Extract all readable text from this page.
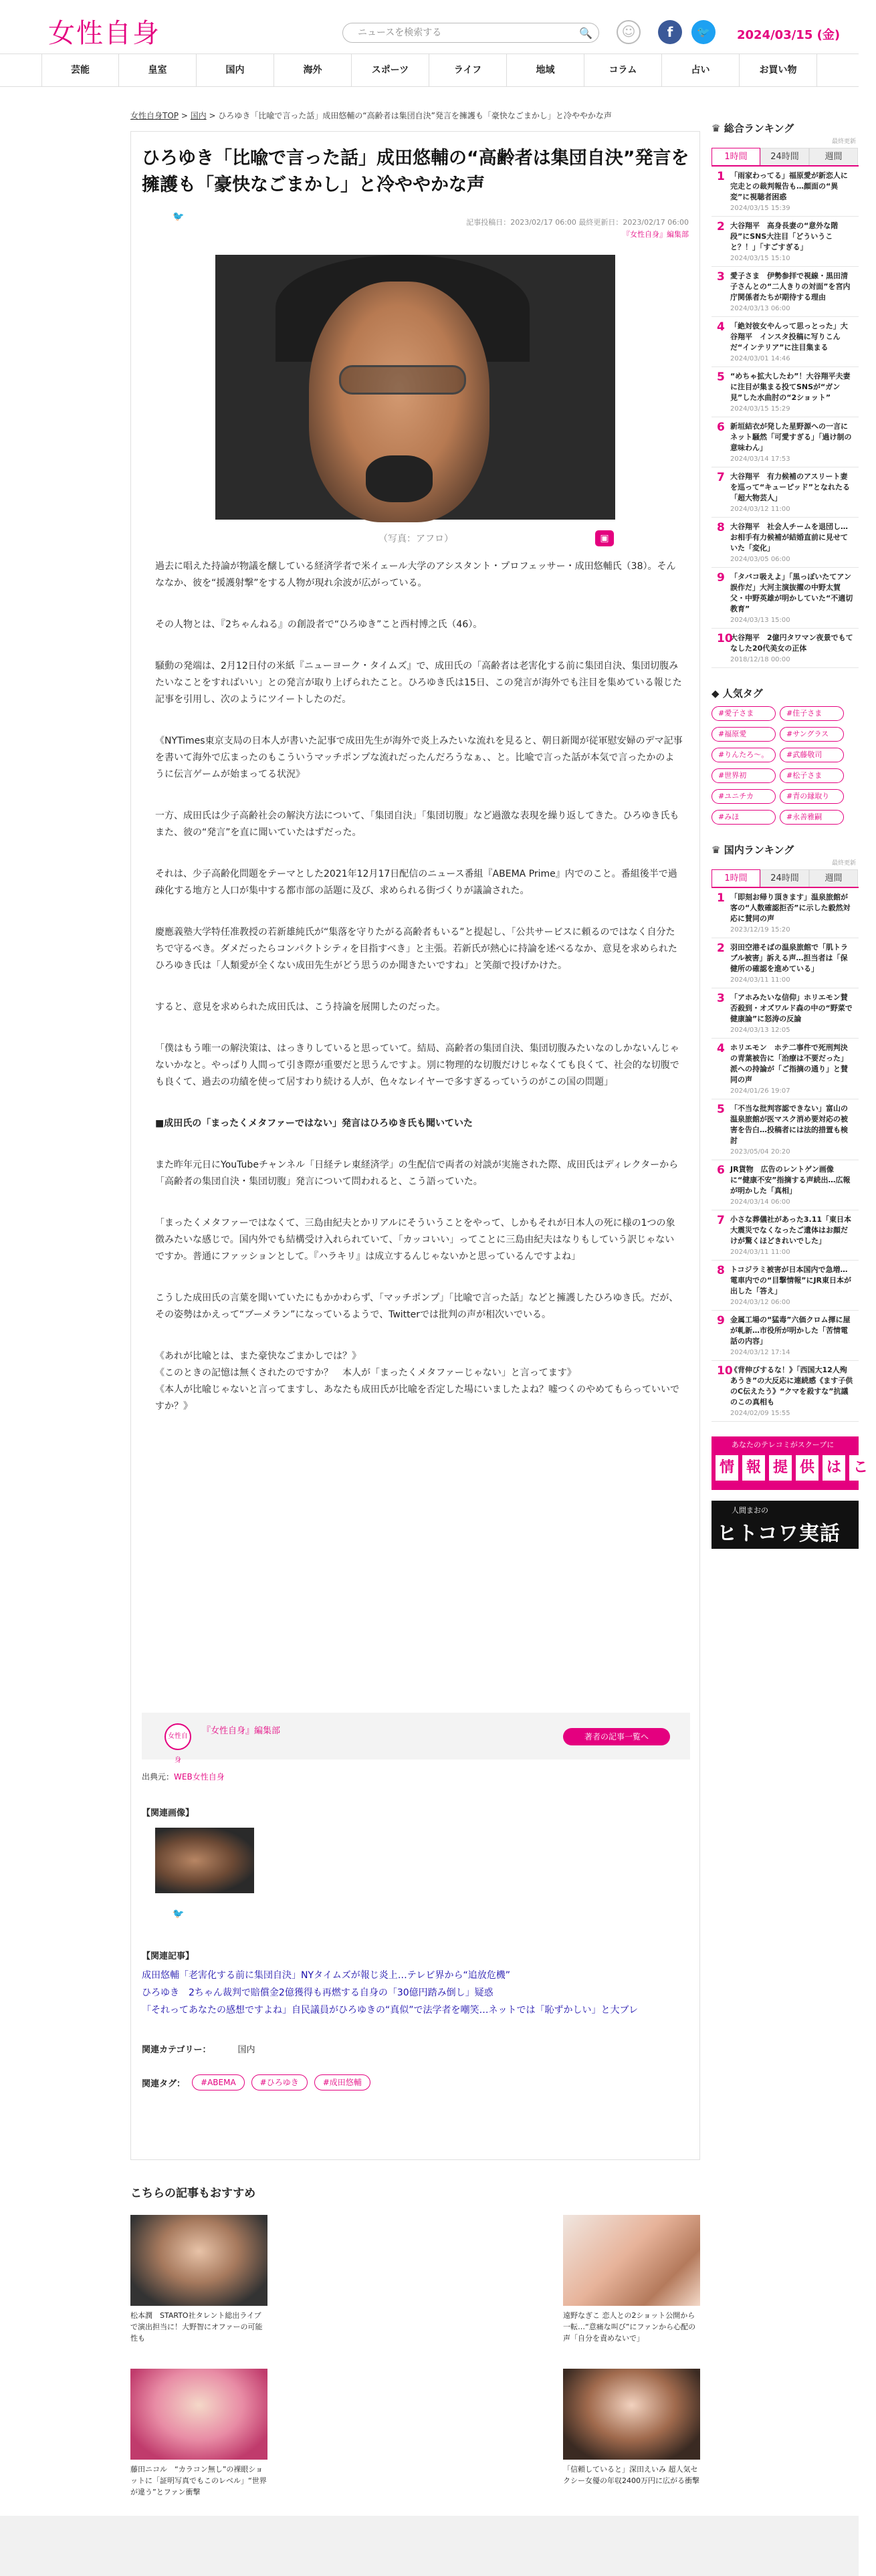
女性自身	ニュースを検索する	🔍	☺	f	🐦	2024/03/15 (金)
芸能	皇室	国内	海外	スポーツ	ライフ	地域	コラム	占い	お買い物
女性自身TOP > 国内 > ひろゆき「比喩で言った話」成田悠輔の“高齢者は集団自決”発言を擁護も「豪快なごまかし」と冷ややかな声
ひろゆき「比喩で言った話」成田悠輔の“高齢者は集団自決”発言を擁護も「豪快なごまかし」と冷ややかな声
f	🐦
記事投稿日：2023/02/17 06:00 最終更新日：2023/02/17 06:00
『女性自身』編集部
（写真：アフロ）	▣

過去に唱えた持論が物議を醸している経済学者で米イェール大学のアシスタント・プロフェッサー・成田悠輔氏（38）。そんななか、彼を“援護射撃”をする人物が現れ余波が広がっている。

その人物とは、『2ちゃんねる』の創設者で“ひろゆき”こと西村博之氏（46）。

騒動の発端は、2月12日付の米紙『ニューヨーク・タイムズ』で、成田氏の「高齢者は老害化する前に集団自決、集団切腹みたいなことをすればいい」との発言が取り上げられたこと。ひろゆき氏は15日、この発言が海外でも注目を集めている報じた記事を引用し、次のようにツイートしたのだ。

《NYTimes東京支局の日本人が書いた記事で成田先生が海外で炎上みたいな流れを見ると、朝日新聞が従軍慰安婦のデマ記事を書いて海外で広まったのもこういうマッチポンプな流れだったんだろうなぁ、、と。比喩で言った話が本気で言ったかのように伝言ゲームが始まってる状況》

一方、成田氏は少子高齢社会の解決方法について、「集団自決」「集団切腹」など過激な表現を繰り返してきた。ひろゆき氏もまた、彼の“発言”を直に聞いていたはずだった。

それは、少子高齢化問題をテーマとした2021年12月17日配信のニュース番組『ABEMA Prime』内でのこと。番組後半で過疎化する地方と人口が集中する都市部の話題に及び、求められる街づくりが議論された。

慶應義塾大学特任准教授の若新雄純氏が“集落を守りたがる高齢者もいる”と提起し、「公共サービスに頼るのではなく自分たちで守るべき。ダメだったらコンパクトシティを目指すべき」と主張。若新氏が熱心に持論を述べるなか、意見を求められたひろゆき氏は「人類愛が全くない成田先生がどう思うのか聞きたいですね」と笑顔で投げかけた。

すると、意見を求められた成田氏は、こう持論を展開したのだった。

「僕はもう唯一の解決策は、はっきりしていると思っていて。結局、高齢者の集団自決、集団切腹みたいなのしかないんじゃないかなと。やっぱり人間って引き際が重要だと思うんですよ。別に物理的な切腹だけじゃなくても良くて、社会的な切腹でも良くて、過去の功績を使って居すわり続ける人が、色々なレイヤーで多すぎるっていうのがこの国の問題」

■成田氏の「まったくメタファーではない」発言はひろゆき氏も聞いていた

また昨年元日にYouTubeチャンネル「日経テレ東経済学」の生配信で両者の対談が実施された際、成田氏はディレクターから「高齢者の集団自決・集団切腹」発言について問われると、こう語っていた。

「まったくメタファーではなくて、三島由紀夫とかリアルにそういうことをやって、しかもそれが日本人の死に様の1つの象徴みたいな感じで。国内外でも結構受け入れられていて、「カッコいい」ってことに三島由紀夫はなりもしていう訳じゃないですか。普通にファッションとして。『ハラキリ』は成立するんじゃないかと思っているんですよね」

こうした成田氏の言葉を聞いていたにもかかわらず、「マッチポンプ」「比喩で言った話」などと擁護したひろゆき氏。だが、その姿勢はかえって“ブーメラン”になっているようで、Twitterでは批判の声が相次いでいる。

《あれが比喩とは、また豪快なごまかしでは？》
《このときの記憶は無くされたのですか？　本人が「まったくメタファーじゃない」と言ってます》
《本人が比喩じゃないと言ってますし、あなたも成田氏が比喩を否定した場にいましたよね？嘘つくのやめてもらっていいですか？》

女性自身
『女性自身』編集部
著者の記事一覧へ
出典元：WEB女性自身
【関連画像】
f	🐦
【関連記事】
成田悠輔「老害化する前に集団自決」NYタイムズが報じ炎上…テレビ界から“追放危機”
ひろゆき　2ちゃん裁判で賠償金2億獲得も再燃する自身の「30億円踏み倒し」疑惑
「それってあなたの感想ですよね」自民議員がひろゆきの“真似”で法学者を嘲笑…ネットでは「恥ずかしい」と大ブレ
関連カテゴリー：	国内
関連タグ：	#ABEMA	#ひろゆき	#成田悠輔
こちらの記事もおすすめ
松本潤　STARTO社タレント総出ライブで演出担当に！大野智にオファーの可能性も
遠野なぎこ 恋人との2ショット公開から一転…“意痛な叫び”にファンから心配の声「自分を責めないで」
藤田ニコル　“カラコン無し”の裸眼ショットに「証明写真でもこのレベル」“世界が違う”とファン衝撃
「信頼していると」深田えいみ 超人気セクシー女優の年収2400万円に広がる衝撃
♛ 総合ランキング
最終更新
1時間	24時間	週間
1 「雨家わってる」福原愛が新恋人に完走との裁判報告も…顔面の“異変”に視聴者困惑
2024/03/15 15:39
2 大谷翔平　高身長妻の“意外な階段”にSNS大注目「どういうこと？！」「すごすぎる」
2024/03/15 15:10
3 愛子さま　伊勢参拝で視線・黒田清子さんとの“二人きりの対面”を宮内庁関係者たちが期待する理由
2024/03/13 06:00
4 「絶対彼女やんって思っとった」大谷翔平　インスタ投稿に写りこんだ“インテリア”に注目集まる
2024/03/01 14:46
5 “めちゃ拡大したわ”！大谷翔平夫妻に注目が集まる投てSNSが“ガン見”した水曲肘の“2ショット”
2024/03/15 15:29
6 新垣結衣が発した星野源への一言にネット騒然「可愛すぎる」「過け制の意味わん」
2024/03/14 17:53
7 大谷翔平　有力候補のアスリート妻を巡って“キューピッド”となれたる「超大物芸人」
2024/03/12 11:00
8 大谷翔平　社会人チームを退団し…お相手有力候補が結婚直前に見せていた「変化」
2024/03/05 06:00
9 「タバコ吸えよ」「黒っぽいたてアン誤作だ」大河主演抜擢の中野太賀　父・中野英雄が明かしていた“不適切教育”
2024/03/13 15:00
10
大谷翔平　2億円タワマン夜景でもてなした20代美女の正体
2018/12/18 00:00
◆ 人気タグ
#愛子さま	#佳子さま
#福原愛	#サングラス
#りんたろ〜。	#武藤敬司
#世界初	#松子さま
#ユニチカ	#青の縁取り
#みほ	#永善雅嗣
♛ 国内ランキング
最終更新
1時間	24時間	週間
1 「即刻お帰り頂きます」温泉旅館が客の“人数確認拒否”に示した毅然対応に賛同の声
2023/12/19 15:20
2 羽田空港そばの温泉旅館で「肌トラブル被害」訴える声…担当者は「保健所の確認を進めている」
2024/03/11 11:00
3 「アホみたいな信仰」ホリエモン賛否殺到・オズワルド森の中の“野菜で健康論”に怒涛の反論
2024/03/13 12:05
4 ホリエモン　ホテ二事件で死刑判決の青葉被告に「治療は不要だった」派への持論が「ご指摘の通り」と賛同の声
2024/01/26 19:07
5 「不当な批判容認できない」富山の温泉旅館が医マスク消め要対応の被害を告白…投稿者には法的措置も検討
2023/05/04 20:20
6 JR貨物　広告のレントゲン画像に“健康不安”指摘する声続出…広報が明かした「真相」
2024/03/14 06:00
7 小さな葬儀社があった3.11「東日本大震災でなくなったご遺体はお顔だけが驚くほどきれいでした」
2024/03/11 11:00
8 トコジラミ被害が日本国内で急増…電車内での“目撃情報”にJR東日本が出した「答え」
2024/03/12 06:00
9 金属工場の“猛毒”六価クロム揮に屋が軋新…市役所が明かした「苦情電話の内容」
2024/03/12 17:14
10
《背伸びするな！》「西国大12人殉あうき”の大反応に連続感《ます子供のC伝えたう》“クマを殺すな”抗議のこの真相も
2024/02/09 15:55
あなたのテレコミがスクープに
情 報 提 供 は こ
人間まおの
ヒトコワ実話
